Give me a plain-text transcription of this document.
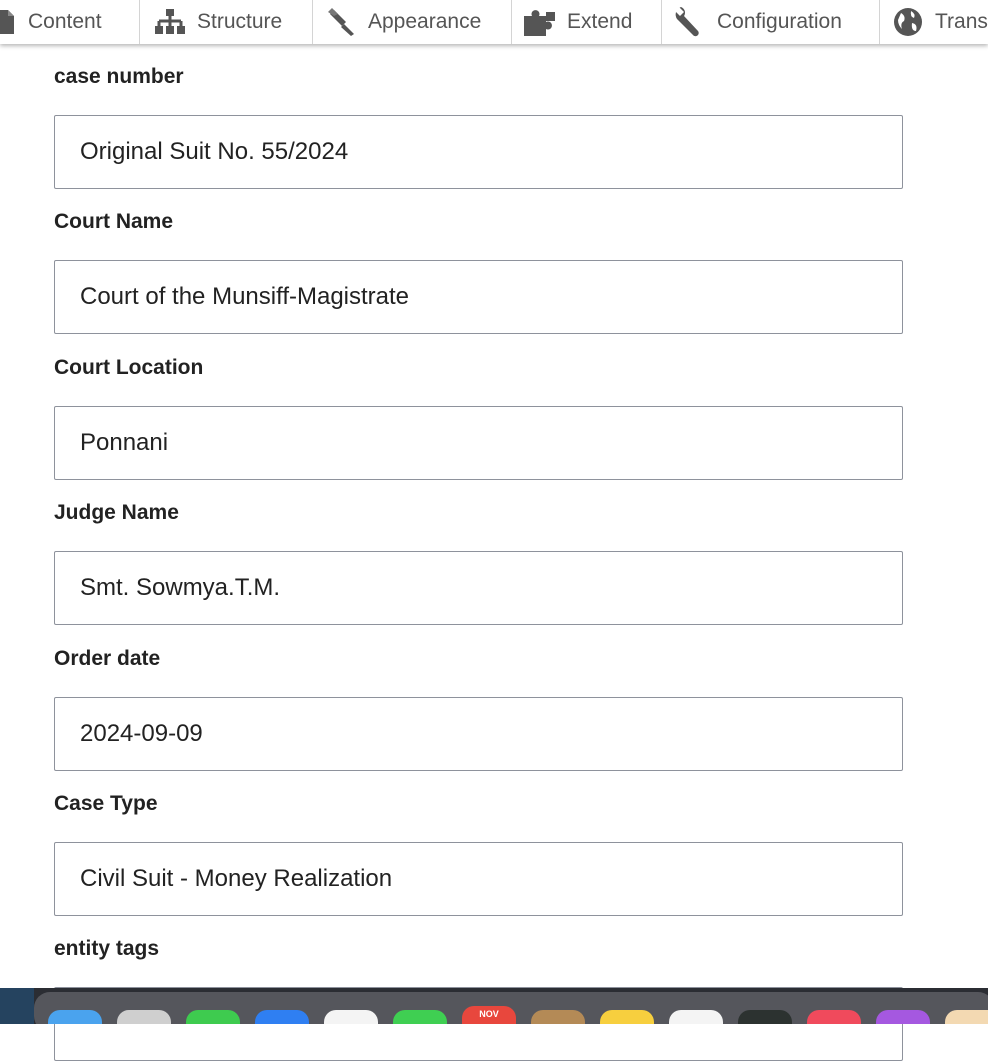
Content	Structure	Appearance	Extend	Configuration	Trans
case number
Original Suit No. 55/2024
Court Name
Court of the Munsiff-Magistrate
Court Location
Ponnani
Judge Name
Smt. Sowmya.T.M.
Order date
2024-09-09
Case Type
Civil Suit - Money Realization
entity tags
NOV
